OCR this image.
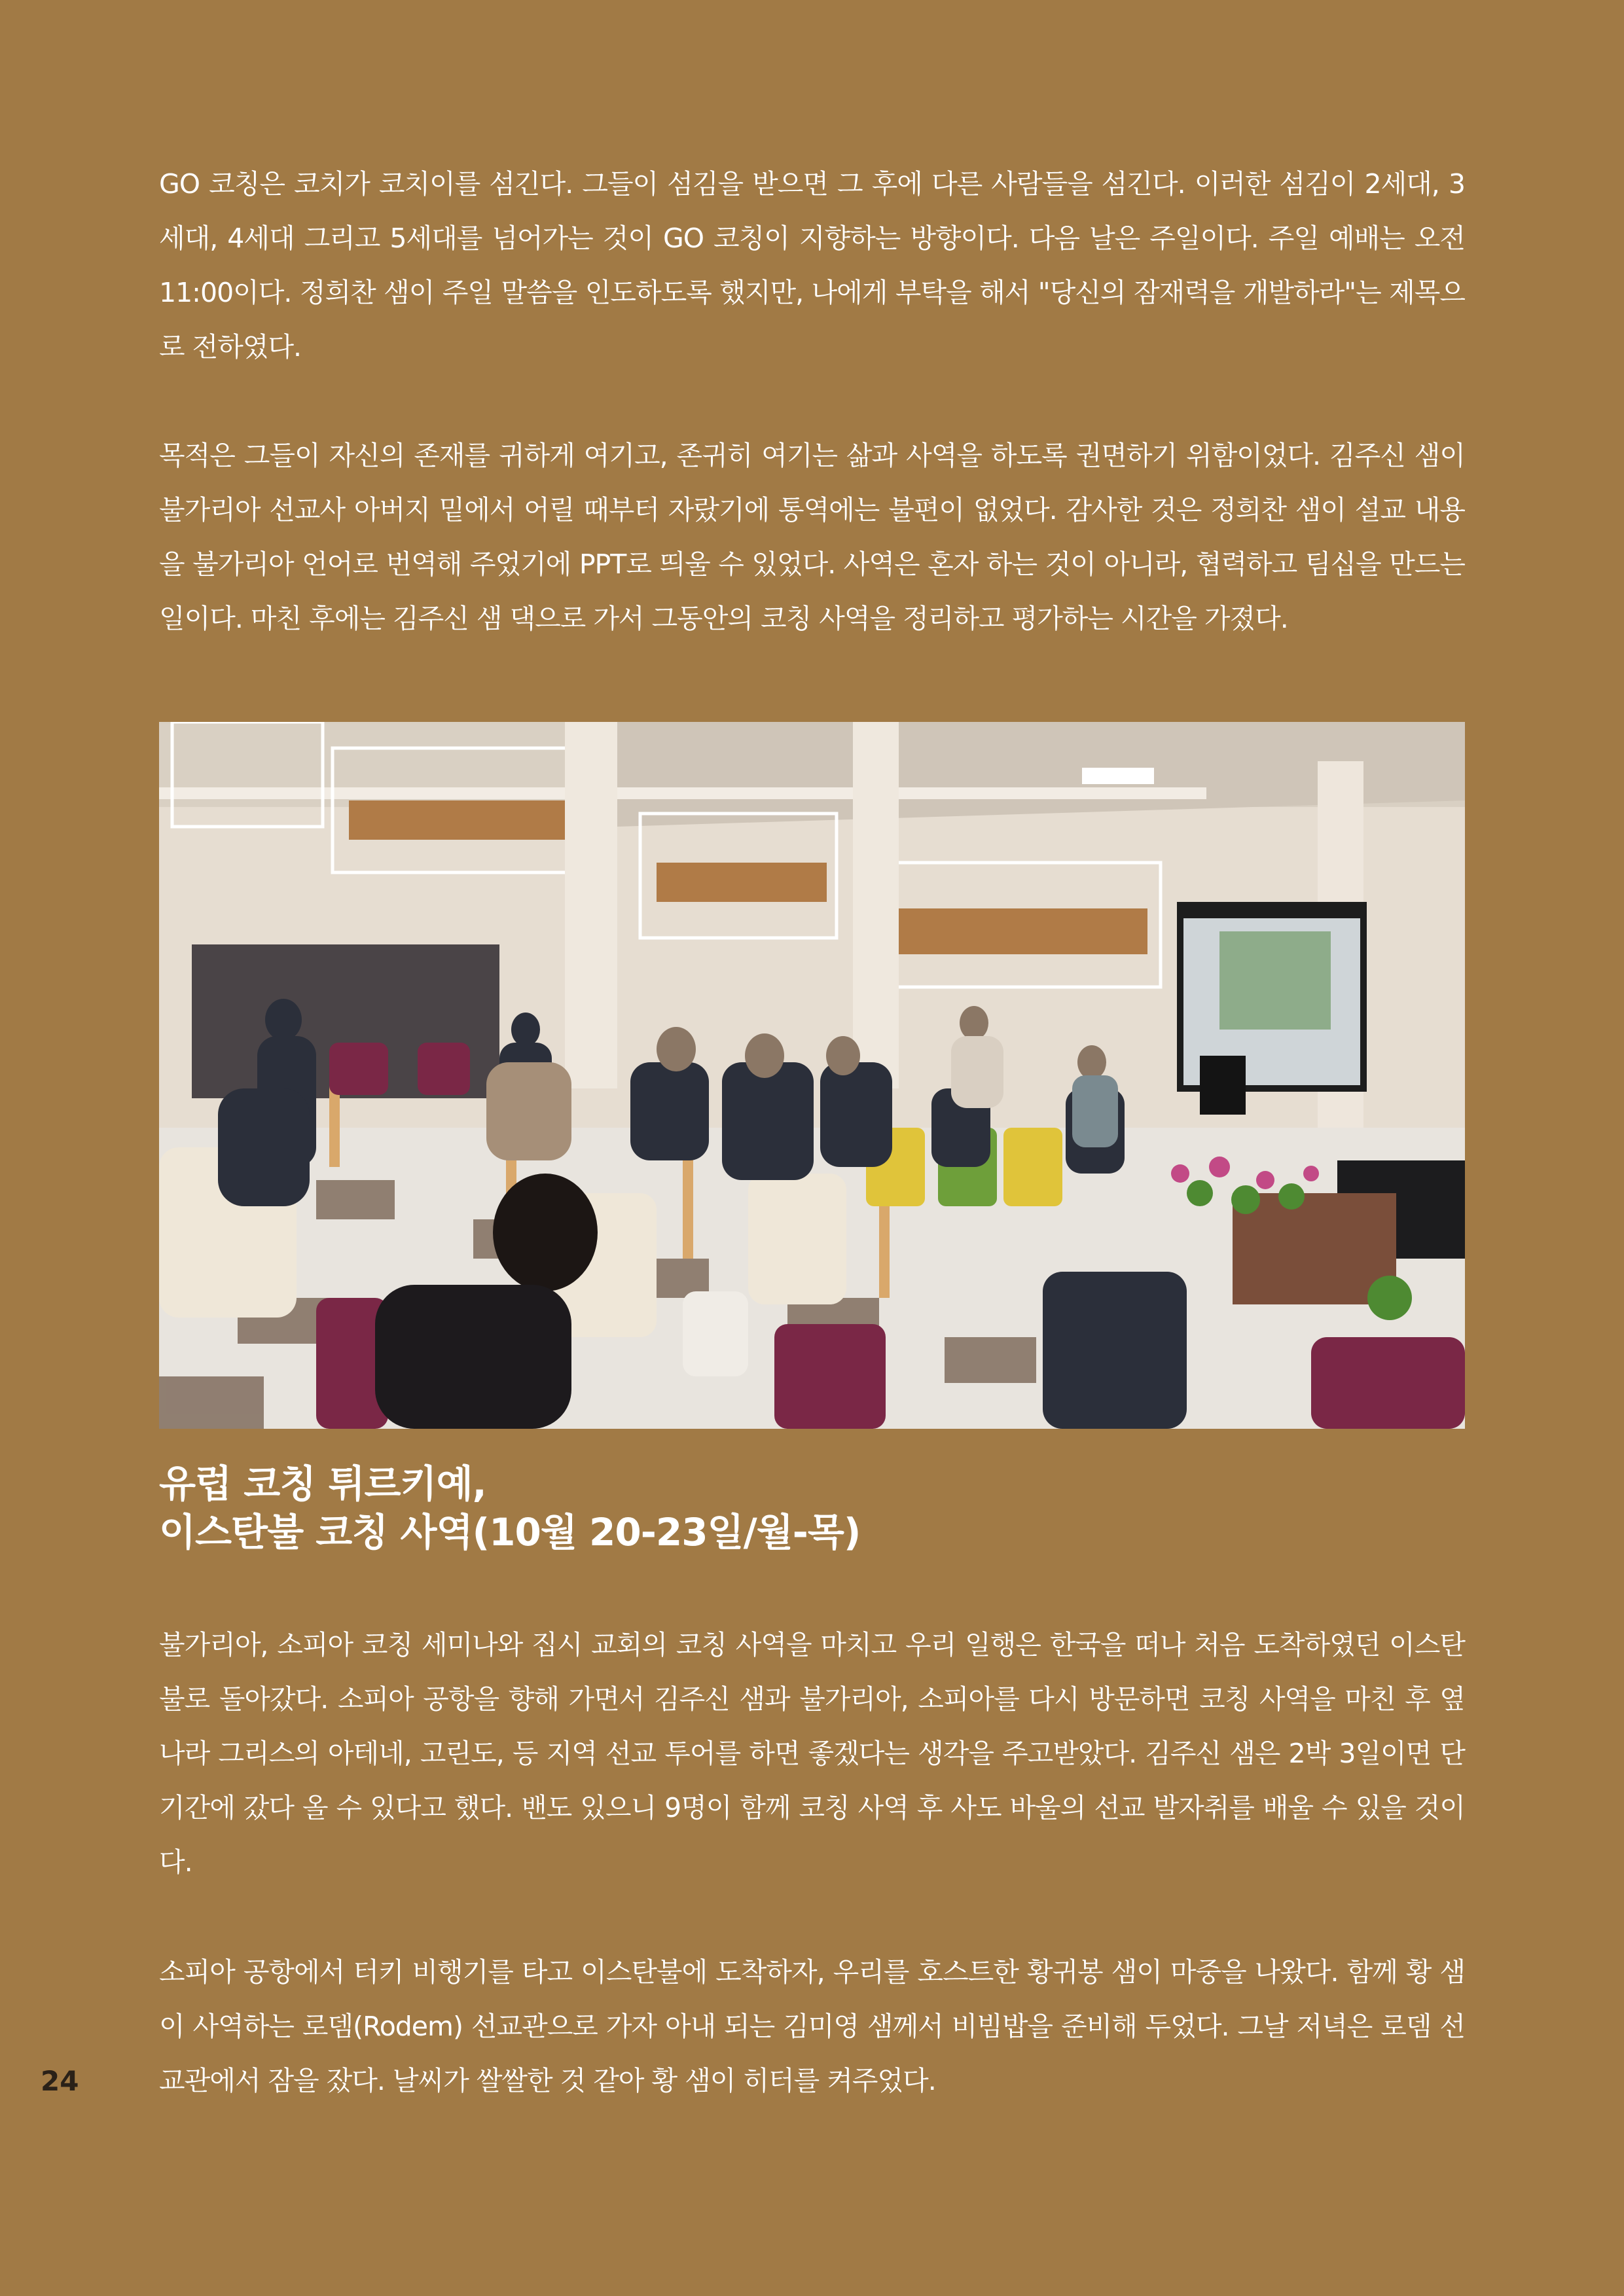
GO 코칭은 코치가 코치이를 섬긴다. 그들이 섬김을 받으면 그 후에 다른 사람들을 섬긴다. 이러한 섬김이 2세대, 3세대, 4세대 그리고 5세대를 넘어가는 것이 GO 코칭이 지향하는 방향이다. 다음 날은 주일이다. 주일 예배는 오전 11:00이다. 정희찬 샘이 주일 말씀을 인도하도록 했지만, 나에게 부탁을 해서 "당신의 잠재력을 개발하라"는 제목으로 전하였다.

목적은 그들이 자신의 존재를 귀하게 여기고, 존귀히 여기는 삶과 사역을 하도록 권면하기 위함이었다. 김주신 샘이 불가리아 선교사 아버지 밑에서 어릴 때부터 자랐기에 통역에는 불편이 없었다. 감사한 것은 정희찬 샘이 설교 내용을 불가리아 언어로 번역해 주었기에 PPT로 띄울 수 있었다. 사역은 혼자 하는 것이 아니라, 협력하고 팀십을 만드는 일이다. 마친 후에는 김주신 샘 댁으로 가서 그동안의 코칭 사역을 정리하고 평가하는 시간을 가졌다.

유럽 코칭 튀르키예,
이스탄불 코칭 사역(10월 20-23일/월-목)

불가리아, 소피아 코칭 세미나와 집시 교회의 코칭 사역을 마치고 우리 일행은 한국을 떠나 처음 도착하였던 이스탄불로 돌아갔다. 소피아 공항을 향해 가면서 김주신 샘과 불가리아, 소피아를 다시 방문하면 코칭 사역을 마친 후 옆 나라 그리스의 아테네, 고린도, 등 지역 선교 투어를 하면 좋겠다는 생각을 주고받았다. 김주신 샘은 2박 3일이면 단기간에 갔다 올 수 있다고 했다. 밴도 있으니 9명이 함께 코칭 사역 후 사도 바울의 선교 발자취를 배울 수 있을 것이다.

소피아 공항에서 터키 비행기를 타고 이스탄불에 도착하자, 우리를 호스트한 황귀봉 샘이 마중을 나왔다. 함께 황 샘이 사역하는 로뎀(Rodem) 선교관으로 가자 아내 되는 김미영 샘께서 비빔밥을 준비해 두었다. 그날 저녁은 로뎀 선교관에서 잠을 잤다. 날씨가 쌀쌀한 것 같아 황 샘이 히터를 켜주었다.

24
